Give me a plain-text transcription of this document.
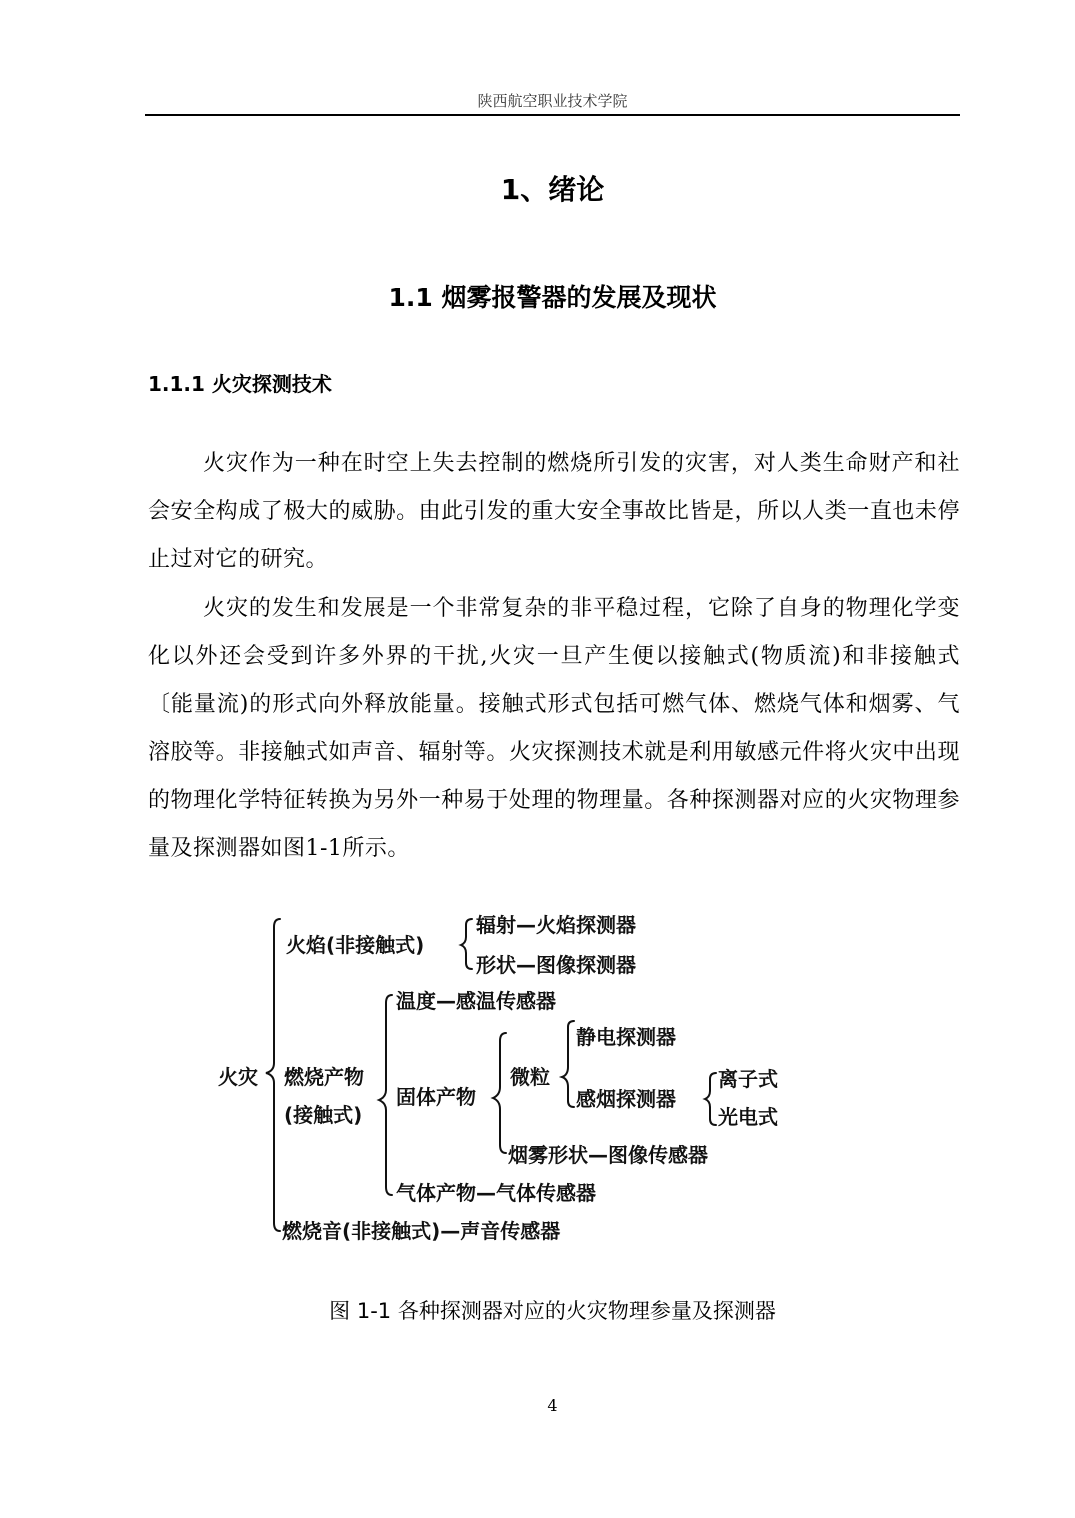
陕西航空职业技术学院
1、绪论
1.1 烟雾报警器的发展及现状
1.1.1 火灾探测技术

火灾作为一种在时空上失去控制的燃烧所引发的灾害，对人类生命财产和社会安全构成了极大的威胁。由此引发的重大安全事故比皆是，所以人类一直也未停止过对它的研究。

火灾的发生和发展是一个非常复杂的非平稳过程，它除了自身的物理化学变化以外还会受到许多外界的干扰,火灾一旦产生便以接触式(物质流)和非接触式〔能量流)的形式向外释放能量。接触式形式包括可燃气体、燃烧气体和烟雾、气溶胶等。非接触式如声音、辐射等。火灾探测技术就是利用敏感元件将火灾中出现的物理化学特征转换为另外一种易于处理的物理量。各种探测器对应的火灾物理参量及探测器如图1-1所示。

火灾
火焰(非接触式)
辐射—火焰探测器
形状—图像探测器
燃烧产物
(接触式)
温度—感温传感器
固体产物
微粒
静电探测器
感烟探测器
离子式
光电式
烟雾形状—图像传感器
气体产物—气体传感器
燃烧音(非接触式)—声音传感器
图 1-1 各种探测器对应的火灾物理参量及探测器
4
